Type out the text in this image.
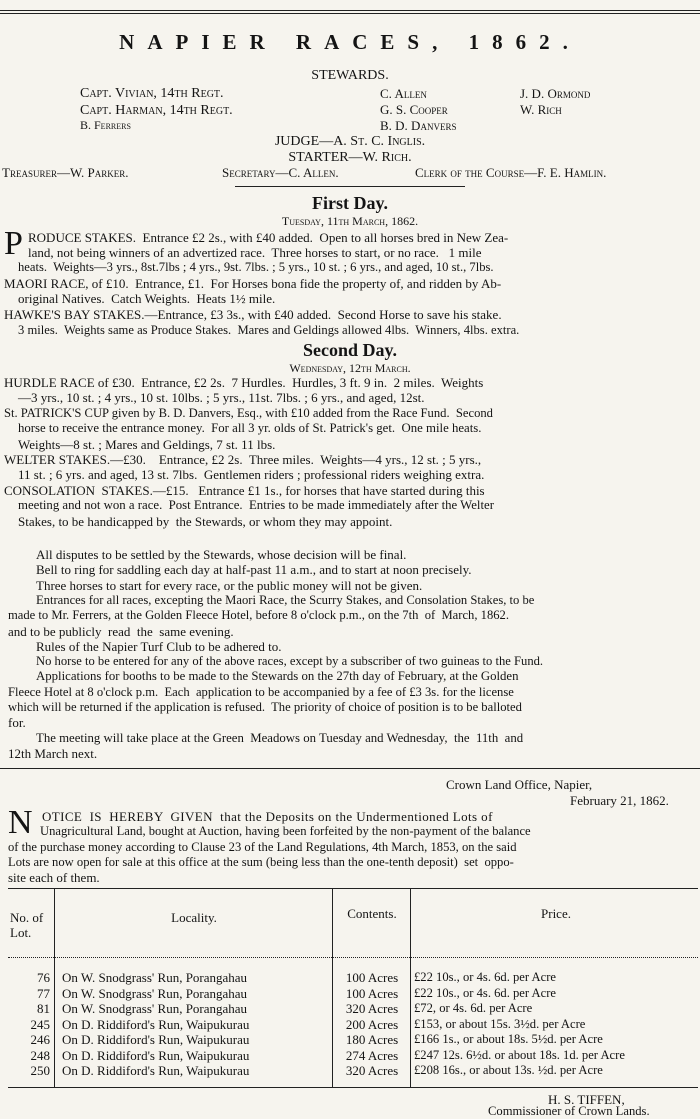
NAPIER RACES, 1862.
STEWARDS.
Capt. Vivian, 14th Regt.
Capt. Harman, 14th Regt.
B. Ferrers
C. Allen
G. S. Cooper
B. D. Danvers
J. D. Ormond
W. Rich
JUDGE—A. St. C. Inglis.
STARTER—W. Rich.
Treasurer—W. Parker.	Secretary—C. Allen.	Clerk of the Course—F. E. Hamlin.
First Day.
Tuesday, 11th March, 1862.
P RODUCE STAKES.  Entrance £2 2s., with £40 added.  Open to all horses bred in New Zea-
land, not being winners of an advertized race.  Three horses to start, or no race.   1 mile
heats.  Weights—3 yrs., 8st.7lbs ; 4 yrs., 9st. 7lbs. ; 5 yrs., 10 st. ; 6 yrs., and aged, 10 st., 7lbs.
MAORI RACE, of £10.  Entrance, £1.  For Horses bona fide the property of, and ridden by Ab-
original Natives.  Catch Weights.  Heats 1½ mile.
HAWKE'S BAY STAKES.—Entrance, £3 3s., with £40 added.  Second Horse to save his stake.
3 miles.  Weights same as Produce Stakes.  Mares and Geldings allowed 4lbs.  Winners, 4lbs. extra.
Second Day.
Wednesday, 12th March.
HURDLE RACE of £30.  Entrance, £2 2s.  7 Hurdles.  Hurdles, 3 ft. 9 in.  2 miles.  Weights
—3 yrs., 10 st. ; 4 yrs., 10 st. 10lbs. ; 5 yrs., 11st. 7lbs. ; 6 yrs., and aged, 12st.
St. PATRICK'S CUP given by B. D. Danvers, Esq., with £10 added from the Race Fund.  Second
horse to receive the entrance money.  For all 3 yr. olds of St. Patrick's get.  One mile heats.
Weights—8 st. ; Mares and Geldings, 7 st. 11 lbs.
WELTER STAKES.—£30.    Entrance, £2 2s.  Three miles.  Weights—4 yrs., 12 st. ; 5 yrs.,
11 st. ; 6 yrs. and aged, 13 st. 7lbs.  Gentlemen riders ; professional riders weighing extra.
CONSOLATION  STAKES.—£15.   Entrance £1 1s., for horses that have started during this
meeting and not won a race.  Post Entrance.  Entries to be made immediately after the Welter
Stakes, to be handicapped by  the Stewards, or whom they may appoint.
All disputes to be settled by the Stewards, whose decision will be final.
Bell to ring for saddling each day at half-past 11 a.m., and to start at noon precisely.
Three horses to start for every race, or the public money will not be given.
Entrances for all races, excepting the Maori Race, the Scurry Stakes, and Consolation Stakes, to be
made to Mr. Ferrers, at the Golden Fleece Hotel, before 8 o'clock p.m., on the 7th  of  March, 1862.
and to be publicly  read  the  same evening.
Rules of the Napier Turf Club to be adhered to.
No horse to be entered for any of the above races, except by a subscriber of two guineas to the Fund.
Applications for booths to be made to the Stewards on the 27th day of February, at the Golden
Fleece Hotel at 8 o'clock p.m.  Each  application to be accompanied by a fee of £3 3s. for the license
which will be returned if the application is refused.  The priority of choice of position is to be balloted
for.
The meeting will take place at the Green  Meadows on Tuesday and Wednesday,  the  11th  and
12th March next.
Crown Land Office, Napier,
February 21, 1862.
N OTICE  IS  HEREBY  GIVEN  that the Deposits on the Undermentioned Lots of
Unagricultural Land, bought at Auction, having been forfeited by the non-payment of the balance
of the purchase money according to Clause 23 of the Land Regulations, 4th March, 1853, on the said
Lots are now open for sale at this office at the sum (being less than the one-tenth deposit)  set  oppo-
site each of them.
No. of Lot.
Locality.	Contents.	Price.
76 On W. Snodgrass' Run, Porangahau	100 Acres	£22 10s., or 4s. 6d. per Acre
77 On W. Snodgrass' Run, Porangahau	100 Acres	£22 10s., or 4s. 6d. per Acre
81 On W. Snodgrass' Run, Porangahau	320 Acres	£72, or 4s. 6d. per Acre
245 On D. Riddiford's Run, Waipukurau	200 Acres	£153, or about 15s. 3½d. per Acre
246 On D. Riddiford's Run, Waipukurau	180 Acres	£166 1s., or about 18s. 5½d. per Acre
248 On D. Riddiford's Run, Waipukurau	274 Acres	£247 12s. 6½d. or about 18s. 1d. per Acre
250 On D. Riddiford's Run, Waipukurau	320 Acres	£208 16s., or about 13s. ½d. per Acre
H. S. TIFFEN,
Commissioner of Crown Lands.
